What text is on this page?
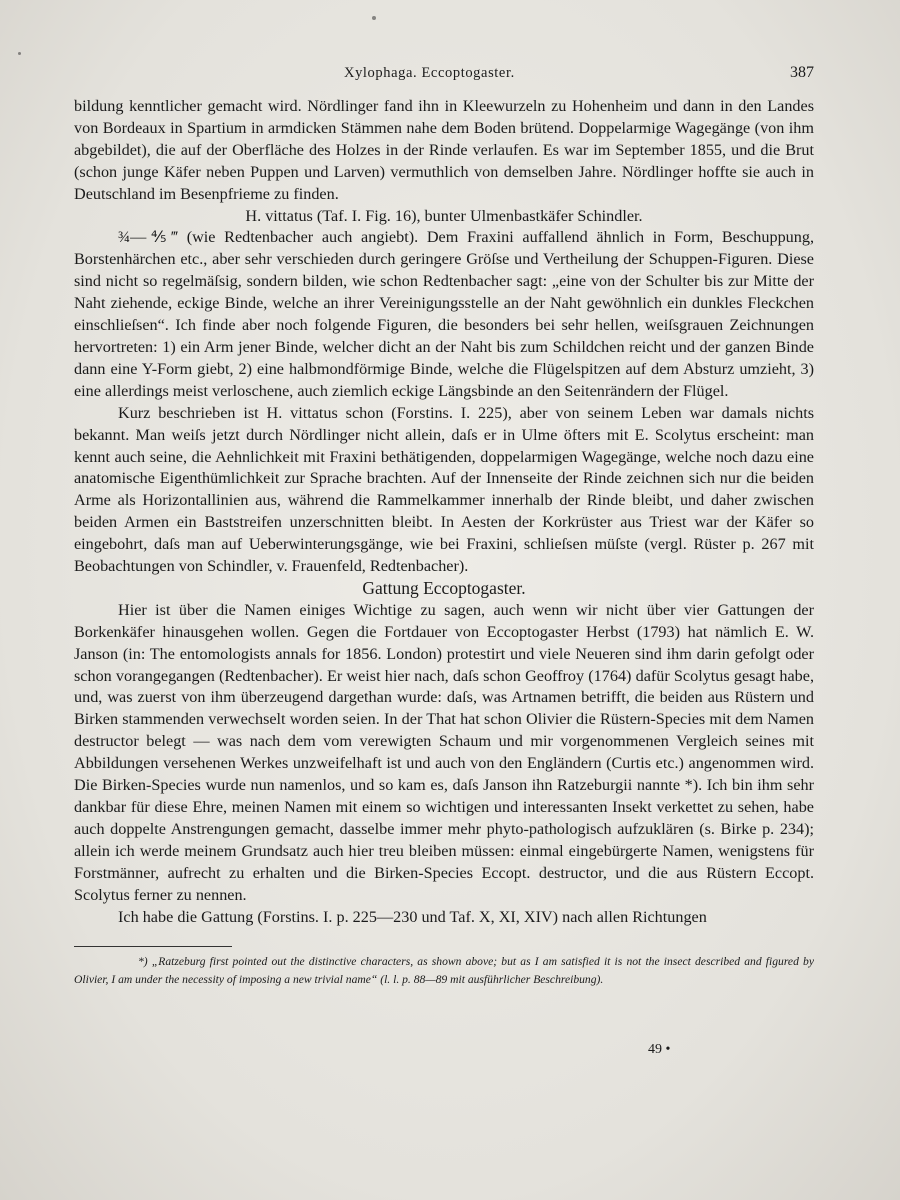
Xylophaga. Eccoptogaster.	387

bildung kenntlicher gemacht wird. Nördlinger fand ihn in Kleewurzeln zu Hohenheim und dann in den Landes von Bordeaux in Spartium in armdicken Stämmen nahe dem Boden brütend. Doppelarmige Wagegänge (von ihm abgebildet), die auf der Oberfläche des Holzes in der Rinde verlaufen. Es war im September 1855, und die Brut (schon junge Käfer neben Puppen und Larven) vermuthlich von demselben Jahre. Nördlinger hoffte sie auch in Deutschland im Besenpfrieme zu finden.

H. vittatus (Taf. I. Fig. 16), bunter Ulmenbastkäfer Schindler.

¾—⅘‴ (wie Redtenbacher auch angiebt). Dem Fraxini auffallend ähnlich in Form, Beschuppung, Borstenhärchen etc., aber sehr verschieden durch geringere Gröſse und Vertheilung der Schuppen-Figuren. Diese sind nicht so regelmäſsig, sondern bilden, wie schon Redtenbacher sagt: „eine von der Schulter bis zur Mitte der Naht ziehende, eckige Binde, welche an ihrer Vereinigungsstelle an der Naht gewöhnlich ein dunkles Fleckchen einschlieſsen“. Ich finde aber noch folgende Figuren, die besonders bei sehr hellen, weiſsgrauen Zeichnungen hervortreten: 1) ein Arm jener Binde, welcher dicht an der Naht bis zum Schildchen reicht und der ganzen Binde dann eine Y-Form giebt, 2) eine halbmondförmige Binde, welche die Flügelspitzen auf dem Absturz umzieht, 3) eine allerdings meist verloschene, auch ziemlich eckige Längsbinde an den Seitenrändern der Flügel.

Kurz beschrieben ist H. vittatus schon (Forstins. I. 225), aber von seinem Leben war damals nichts bekannt. Man weiſs jetzt durch Nördlinger nicht allein, daſs er in Ulme öfters mit E. Scolytus erscheint: man kennt auch seine, die Aehnlichkeit mit Fraxini bethätigenden, doppelarmigen Wagegänge, welche noch dazu eine anatomische Eigenthümlichkeit zur Sprache brachten. Auf der Innenseite der Rinde zeichnen sich nur die beiden Arme als Horizontallinien aus, während die Rammelkammer innerhalb der Rinde bleibt, und daher zwischen beiden Armen ein Baststreifen unzerschnitten bleibt. In Aesten der Korkrüster aus Triest war der Käfer so eingebohrt, daſs man auf Ueberwinterungsgänge, wie bei Fraxini, schlieſsen müſste (vergl. Rüster p. 267 mit Beobachtungen von Schindler, v. Frauenfeld, Redtenbacher).

Gattung Eccoptogaster.

Hier ist über die Namen einiges Wichtige zu sagen, auch wenn wir nicht über vier Gattungen der Borkenkäfer hinausgehen wollen. Gegen die Fortdauer von Eccoptogaster Herbst (1793) hat nämlich E. W. Janson (in: The entomologists annals for 1856. London) protestirt und viele Neueren sind ihm darin gefolgt oder schon vorangegangen (Redtenbacher). Er weist hier nach, daſs schon Geoffroy (1764) dafür Scolytus gesagt habe, und, was zuerst von ihm überzeugend dargethan wurde: daſs, was Artnamen betrifft, die beiden aus Rüstern und Birken stammenden verwechselt worden seien. In der That hat schon Olivier die Rüstern-Species mit dem Namen destructor belegt — was nach dem vom verewigten Schaum und mir vorgenommenen Vergleich seines mit Abbildungen versehenen Werkes unzweifelhaft ist und auch von den Engländern (Curtis etc.) angenommen wird. Die Birken-Species wurde nun namenlos, und so kam es, daſs Janson ihn Ratzeburgii nannte *). Ich bin ihm sehr dankbar für diese Ehre, meinen Namen mit einem so wichtigen und interessanten Insekt verkettet zu sehen, habe auch doppelte Anstrengungen gemacht, dasselbe immer mehr phyto-pathologisch aufzuklären (s. Birke p. 234); allein ich werde meinem Grundsatz auch hier treu bleiben müssen: einmal eingebürgerte Namen, wenigstens für Forstmänner, aufrecht zu erhalten und die Birken-Species Eccopt. destructor, und die aus Rüstern Eccopt. Scolytus ferner zu nennen.

Ich habe die Gattung (Forstins. I. p. 225—230 und Taf. X, XI, XIV) nach allen Richtungen

*) „Ratzeburg first pointed out the distinctive characters, as shown above; but as I am satisfied it is not the insect described and figured by Olivier, I am under the necessity of imposing a new trivial name“ (l. l. p. 88—89 mit ausführlicher Beschreibung).

49 •
